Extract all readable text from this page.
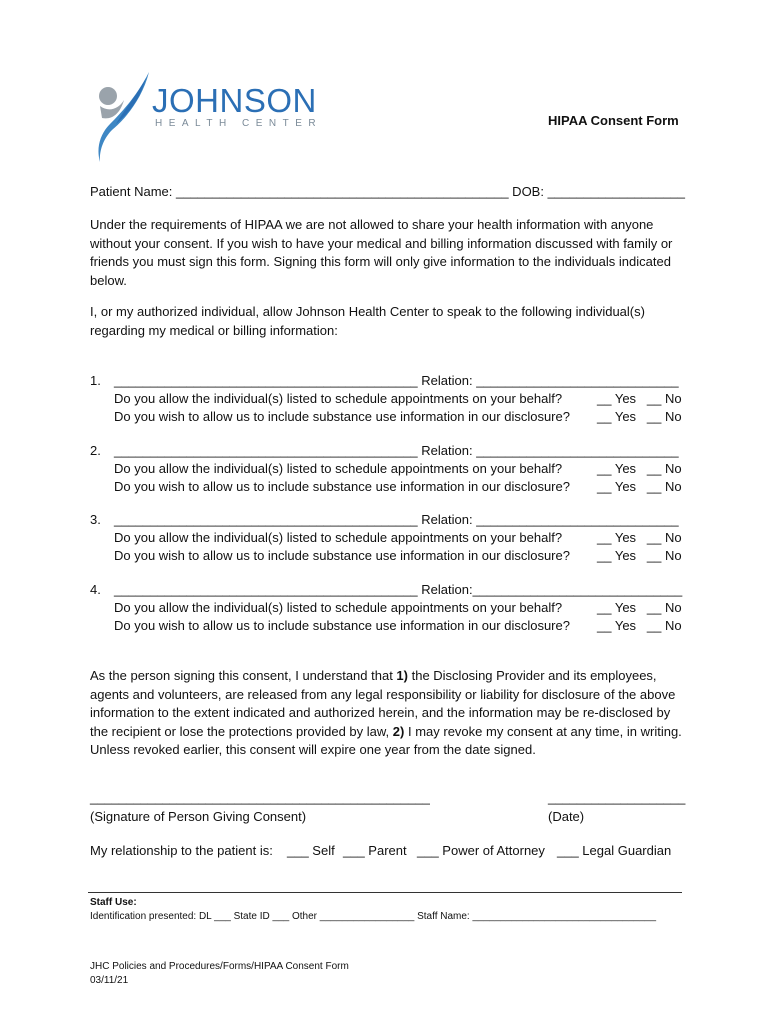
JOHNSON
HEALTH CENTER	HIPAA Consent Form
Patient Name: ______________________________________________ DOB: ___________________
Under the requirements of HIPAA we are not allowed to share your health information with anyone without your consent. If you wish to have your medical and billing information discussed with family or friends you must sign this form. Signing this form will only give information to the individuals indicated below.
I, or my authorized individual, allow Johnson Health Center to speak to the following individual(s) regarding my medical or billing information:
1. __________________________________________ Relation: ____________________________
Do you allow the individual(s) listed to schedule appointments on your behalf?	__ Yes   __ No
Do you wish to allow us to include substance use information in our disclosure? __ Yes   __ No
2. __________________________________________ Relation: ____________________________
Do you allow the individual(s) listed to schedule appointments on your behalf?	__ Yes   __ No
Do you wish to allow us to include substance use information in our disclosure? __ Yes   __ No
3. __________________________________________ Relation: ____________________________
Do you allow the individual(s) listed to schedule appointments on your behalf?	__ Yes   __ No
Do you wish to allow us to include substance use information in our disclosure? __ Yes   __ No
4. __________________________________________ Relation:_____________________________
Do you allow the individual(s) listed to schedule appointments on your behalf?	__ Yes   __ No
Do you wish to allow us to include substance use information in our disclosure? __ Yes   __ No
As the person signing this consent, I understand that 1) the Disclosing Provider and its employees, agents and volunteers, are released from any legal responsibility or liability for disclosure of the above information to the extent indicated and authorized herein, and the information may be re-disclosed by the recipient or lose the protections provided by law, 2) I may revoke my consent at any time, in writing. Unless revoked earlier, this consent will expire one year from the date signed.
_______________________________________________	___________________
(Signature of Person Giving Consent)	(Date)
My relationship to the patient is: ___ Self ___ Parent ___ Power of Attorney ___ Legal Guardian
Staff Use:
Identification presented: DL ___ State ID ___ Other _________________ Staff Name: _________________________________
JHC Policies and Procedures/Forms/HIPAA Consent Form
03/11/21
